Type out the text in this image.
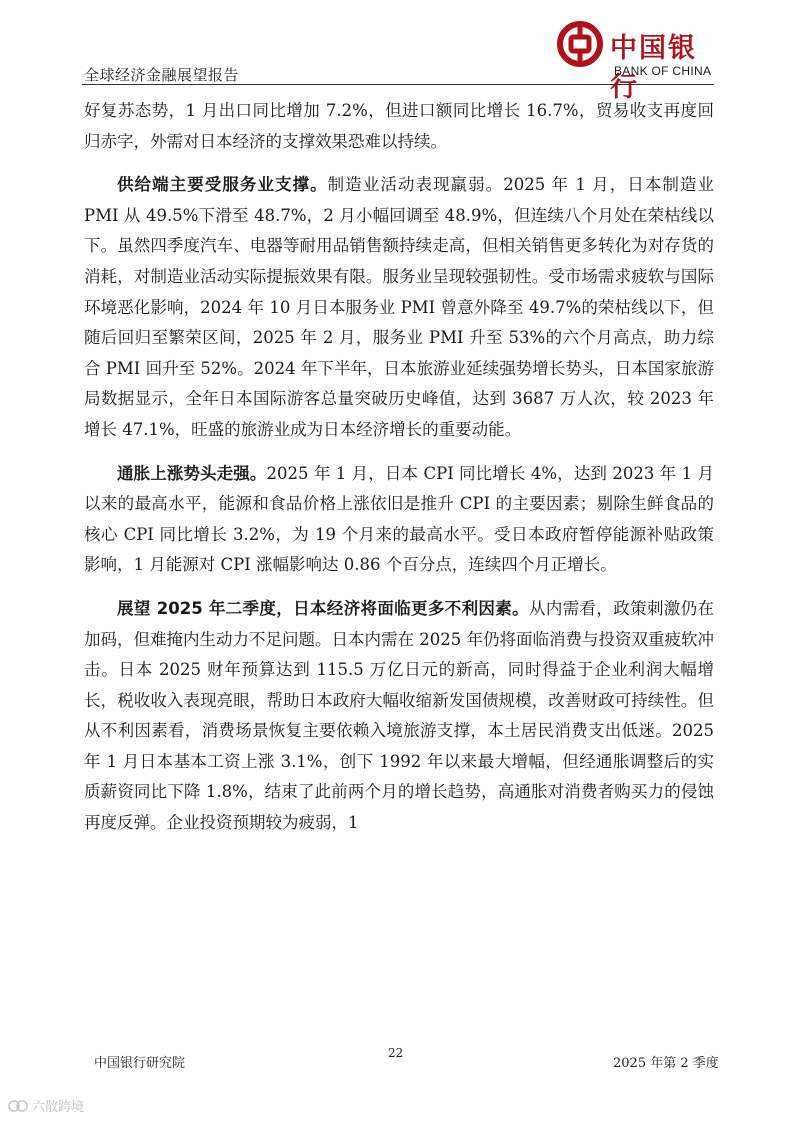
全球经济金融展望报告
中国银行
BANK OF CHINA

好复苏态势，1 月出口同比增加 7.2%，但进口额同比增长 16.7%，贸易收支再度回归赤字，外需对日本经济的支撑效果恐难以持续。

供给端主要受服务业支撑。制造业活动表现羸弱。2025 年 1 月，日本制造业 PMI 从 49.5%下滑至 48.7%，2 月小幅回调至 48.9%，但连续八个月处在荣枯线以下。虽然四季度汽车、电器等耐用品销售额持续走高，但相关销售更多转化为对存货的消耗，对制造业活动实际提振效果有限。服务业呈现较强韧性。受市场需求疲软与国际环境恶化影响，2024 年 10 月日本服务业 PMI 曾意外降至 49.7%的荣枯线以下，但随后回归至繁荣区间，2025 年 2 月，服务业 PMI 升至 53%的六个月高点，助力综合 PMI 回升至 52%。2024 年下半年，日本旅游业延续强势增长势头，日本国家旅游局数据显示，全年日本国际游客总量突破历史峰值，达到 3687 万人次，较 2023 年增长 47.1%，旺盛的旅游业成为日本经济增长的重要动能。

通胀上涨势头走强。2025 年 1 月，日本 CPI 同比增长 4%，达到 2023 年 1 月以来的最高水平，能源和食品价格上涨依旧是推升 CPI 的主要因素；剔除生鲜食品的核心 CPI 同比增长 3.2%，为 19 个月来的最高水平。受日本政府暂停能源补贴政策影响，1 月能源对 CPI 涨幅影响达 0.86 个百分点，连续四个月正增长。

展望 2025 年二季度，日本经济将面临更多不利因素。从内需看，政策刺激仍在加码，但难掩内生动力不足问题。日本内需在 2025 年仍将面临消费与投资双重疲软冲击。日本 2025 财年预算达到 115.5 万亿日元的新高，同时得益于企业利润大幅增长，税收收入表现亮眼，帮助日本政府大幅收缩新发国债规模，改善财政可持续性。但从不利因素看，消费场景恢复主要依赖入境旅游支撑，本土居民消费支出低迷。2025 年 1 月日本基本工资上涨 3.1%，创下 1992 年以来最大增幅，但经通胀调整后的实质薪资同比下降 1.8%，结束了此前两个月的增长趋势，高通胀对消费者购买力的侵蚀再度反弹。企业投资预期较为疲弱，1

中国银行研究院
22
2025 年第 2 季度
六散跨境
